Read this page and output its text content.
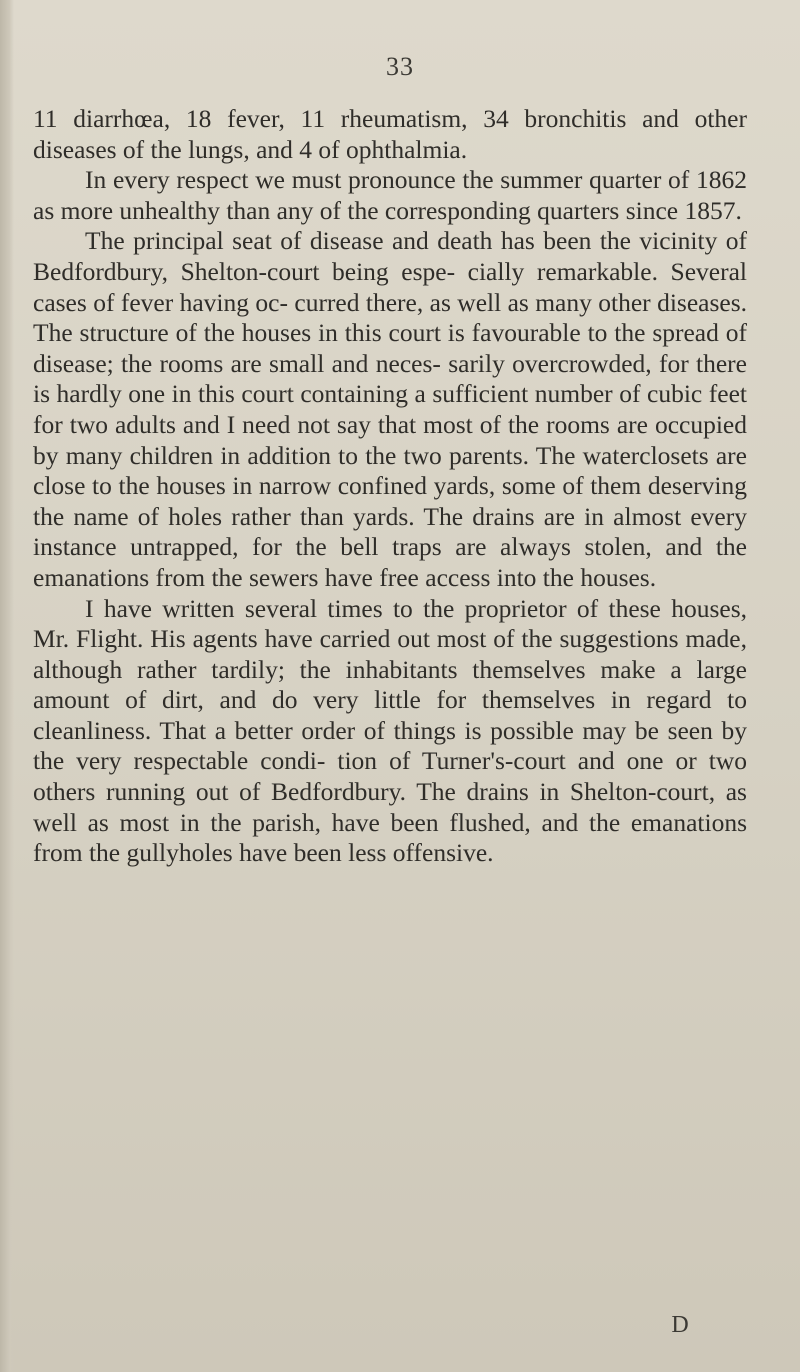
33

11 diarrhœa, 18 fever, 11 rheumatism, 34 bronchitis and other diseases of the lungs, and 4 of ophthalmia.

In every respect we must pronounce the summer quarter of 1862 as more unhealthy than any of the corresponding quarters since 1857.

The principal seat of disease and death has been the vicinity of Bedfordbury, Shelton-court being espe- cially remarkable. Several cases of fever having oc- curred there, as well as many other diseases. The structure of the houses in this court is favourable to the spread of disease; the rooms are small and neces- sarily overcrowded, for there is hardly one in this court containing a sufficient number of cubic feet for two adults and I need not say that most of the rooms are occupied by many children in addition to the two parents. The waterclosets are close to the houses in narrow confined yards, some of them deserving the name of holes rather than yards. The drains are in almost every instance untrapped, for the bell traps are always stolen, and the emanations from the sewers have free access into the houses.

I have written several times to the proprietor of these houses, Mr. Flight. His agents have carried out most of the suggestions made, although rather tardily; the inhabitants themselves make a large amount of dirt, and do very little for themselves in regard to cleanliness. That a better order of things is possible may be seen by the very respectable condi- tion of Turner's-court and one or two others running out of Bedfordbury. The drains in Shelton-court, as well as most in the parish, have been flushed, and the emanations from the gullyholes have been less offensive.

D
